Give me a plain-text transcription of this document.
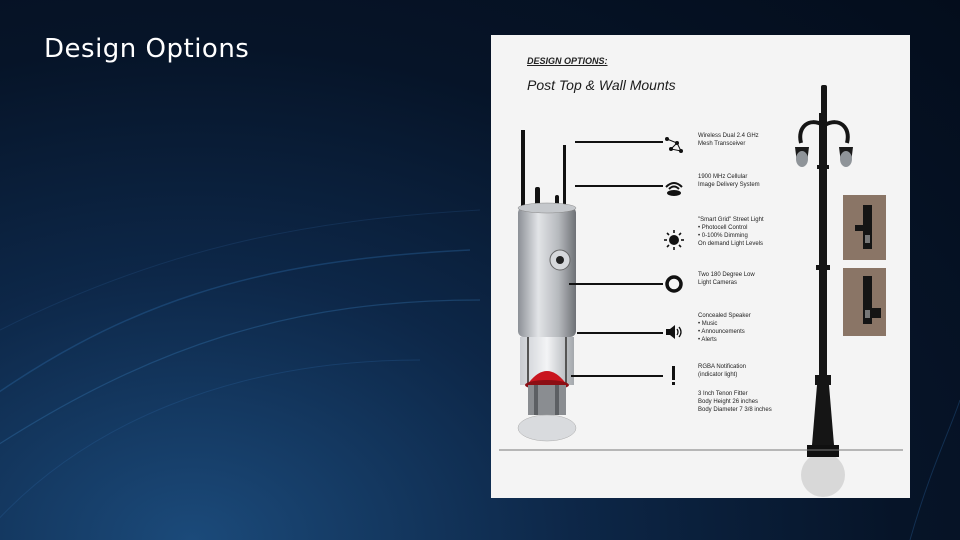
Design Options	DESIGN OPTIONS:

Post Top & Wall Mounts

Wireless Dual 2.4 GHz
Mesh Transceiver
1900 MHz Cellular
Image Delivery System
"Smart Grid" Street Light
• Photocell Control
• 0-100% Dimming
On demand Light Levels
Two 180 Degree Low
Light Cameras
Concealed Speaker
• Music
• Announcements
• Alerts
RGBA Notification
(indicator light)
3 Inch Tenon Fitter
Body Height 26 inches
Body Diameter 7 3/8 inches
